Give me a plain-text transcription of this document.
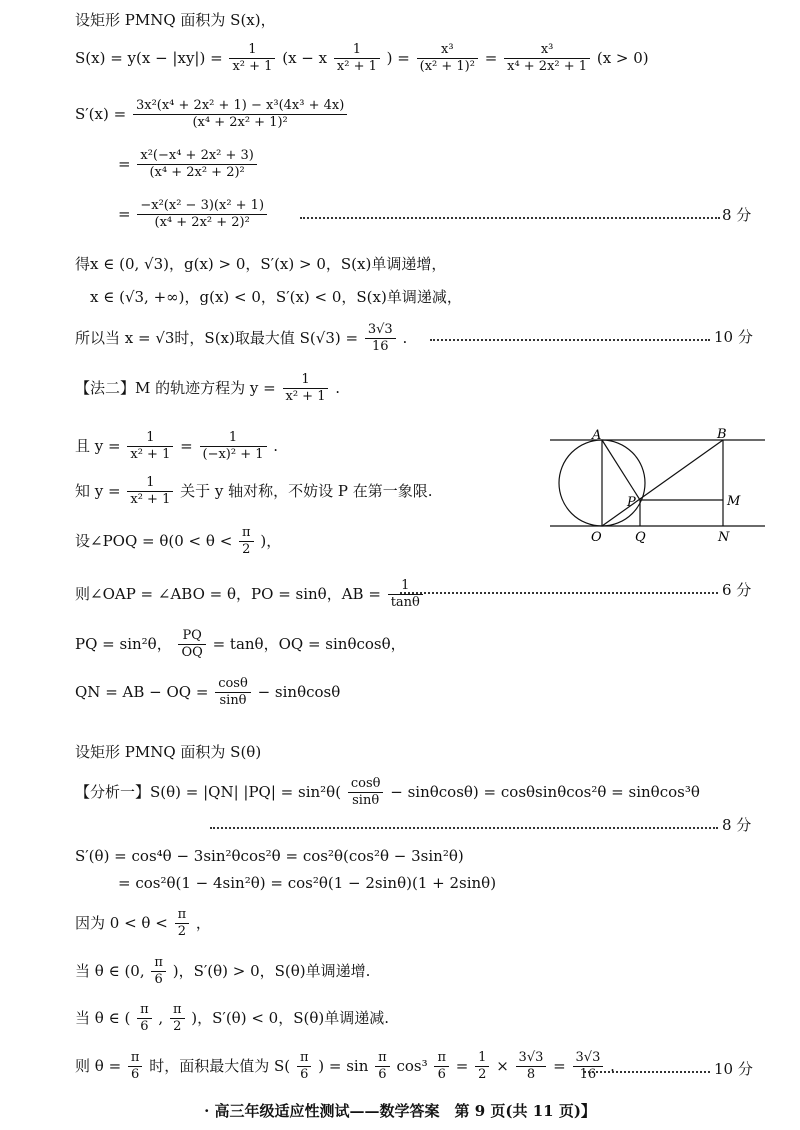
设矩形 PMNQ 面积为 S(x)，
$S(x) = y(x - |xy|) = \frac{1}{\text{x² + 1}} (x - x \frac{1}{\text{x² + 1}}$ ) = $\frac{\text{x³}}{\text{(x² + 1)²}} = \frac{\text{x³}}{\text{x⁴ + 2x² + 1}} (x > 0)$
$S'(x) = \frac{\text{3x²(x⁴ + 2x² + 1) − x³(4x³ + 4x)}}{\text{(x⁴ + 2x² + 1)²}}$
= $\frac{\text{x²(−x⁴ + 2x² + 3)}}{\text{(x⁴ + 2x² + 2)²}}$
= $\frac{\text{−x²(x² − 3)(x² + 1)}}{\text{(x⁴ + 2x² + 2)²}}$	8 分
得x ∈ (0, √3)，g(x) > 0，S′(x) > 0，S(x)单调递增，
x ∈ (√3, +∞)，g(x) < 0，S′(x) < 0，S(x)单调递减，
所以当 x = √3时，S(x)取最大值 $S(√3) = \frac{3√3}{16}$ .	10 分
【法二】M 的轨迹方程为 $y = \frac{1}{\text{x² + 1}}$ .
且 $y = \frac{1}{\text{x² + 1}} = \frac{1}{\text{(−x)² + 1}}$ .
知 $y = \frac{1}{\text{x² + 1}}$ 关于 y 轴对称，不妨设 P 在第一象限.
设∠POQ = $\theta(0 < \theta < \frac{\pi}{2}$ )，
A	B
P	M
O	Q	N
则∠OAP = ∠ABO = θ，PO = sinθ，AB = $\frac{1}{\tan\theta}$	6 分
PQ = sin²θ， $\frac{PQ}{OQ} = \tan\theta$，OQ = sinθcosθ，
QN = AB − OQ = $\frac{\cos\theta}{\sin\theta} - \sin\theta\cos\theta$
设矩形 PMNQ 面积为 S(θ)
【分析一】S(θ) = |QN| $|PQ| = \sin^2\theta( \frac{\cos\theta}{\sin\theta} - \sin\theta\cos\theta) = \cos\theta\sin\theta\cos^2\theta = \sin\theta\cos^3\theta$
8 分
S′(θ) = cos⁴θ − 3sin²θcos²θ = cos²θ(cos²θ − 3sin²θ)
= cos²θ(1 − 4sin²θ) = cos²θ(1 − 2sinθ)(1 + 2sinθ)
因为 $0 < \theta < \frac{\pi}{2}$ ，
当 θ ∈ (0, $\frac{\pi}{6}$ )，S′(θ) > 0，S(θ)单调递增.
当 θ ∈ ( $\frac{\pi}{6}$ , $\frac{\pi}{2}$ )，S′(θ) < 0，S(θ)单调递减.
则 $\theta = \frac{\pi}{6}$ 时，面积最大值为 $S( \frac{\pi}{6}$ ) = $\sin \frac{\pi}{6} \cos^3 \frac{\pi}{6} = \frac{1}{2} \times \frac{3√3}{8} = \frac{3√3}{16}$ .	10 分
· 高三年级适应性测试——数学答案　第 9 页(共 11 页)】
